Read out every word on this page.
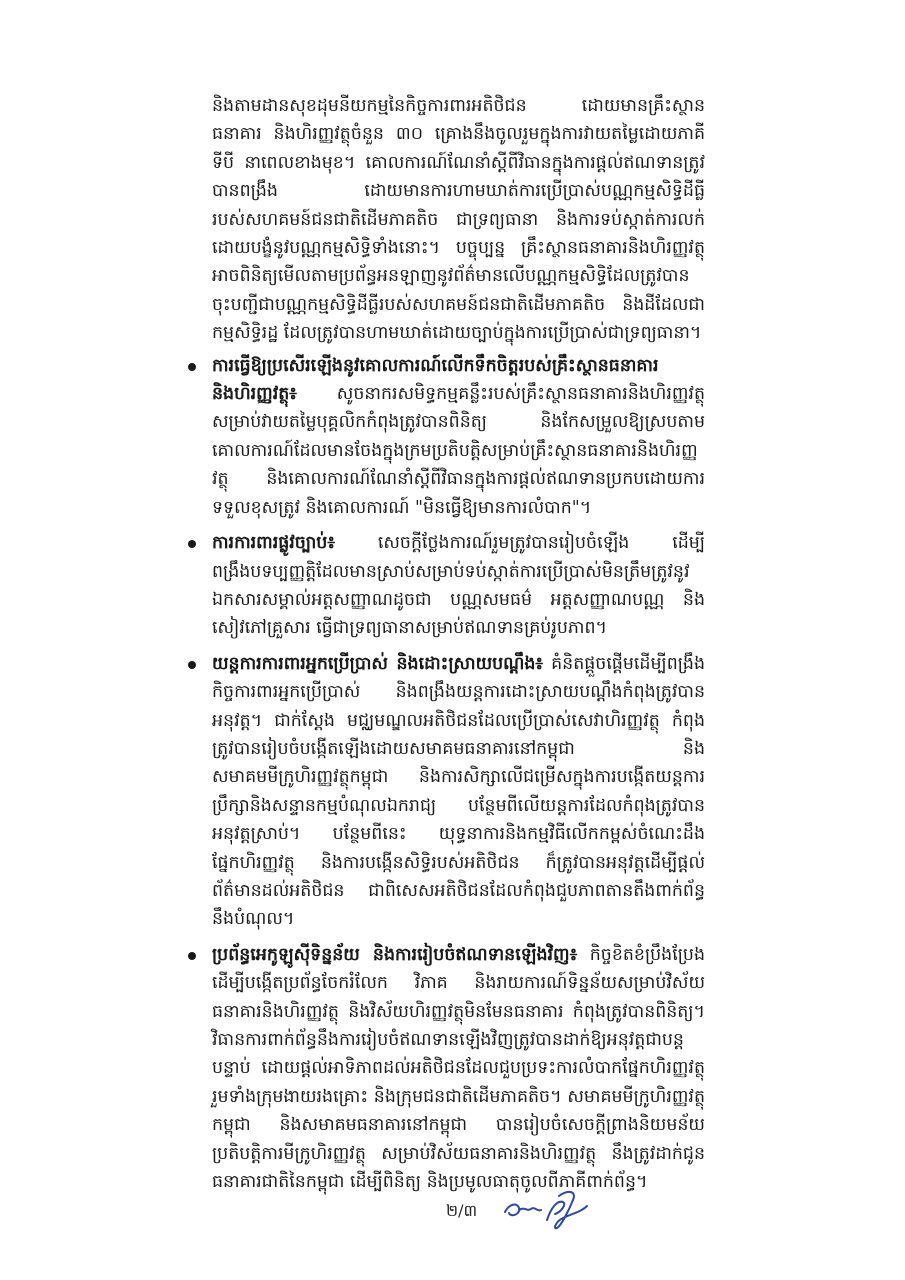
និងតាមដានសុខដុមនីយកម្មនៃកិច្ចការពារអតិថិជន ដោយមានគ្រឹះស្ថានធនាគារ និងហិរញ្ញវត្ថុចំនួន ៣០ គ្រោងនឹងចូលរួមក្នុងការវាយតម្លៃដោយភាគីទីបី នាពេលខាងមុខ។ គោលការណ៍ណែនាំស្តីពីវិធានក្នុងការផ្តល់ឥណទានត្រូវបានពង្រឹង ដោយមានការហាមឃាត់ការប្រើប្រាស់បណ្ណកម្មសិទ្ធិដីធ្លីរបស់សហគមន៍ជនជាតិដើមភាគតិច ជាទ្រព្យធានា និងការទប់ស្កាត់ការលក់ដោយបង្ខំនូវបណ្ណកម្មសិទ្ធិទាំងនោះ។ បច្ចុប្បន្ន គ្រឹះស្ថានធនាគារនិងហិរញ្ញវត្ថុអាចពិនិត្យមើលតាមប្រព័ន្ធអនឡាញនូវព័ត៌មានលើបណ្ណកម្មសិទ្ធិដែលត្រូវបានចុះបញ្ជីជាបណ្ណកម្មសិទ្ធិដីធ្លីរបស់សហគមន៍ជនជាតិដើមភាគតិច និងដីដែលជាកម្មសិទ្ធិរដ្ឋ ដែលត្រូវបានហាមឃាត់ដោយច្បាប់ក្នុងការប្រើប្រាស់ជាទ្រព្យធានា។

ការធ្វើឱ្យប្រសើរឡើងនូវគោលការណ៍លើកទឹកចិត្តរបស់គ្រឹះស្ថានធនាគារនិងហិរញ្ញវត្ថុ៖ សូចនាករសមិទ្ធកម្មគន្លឹះរបស់គ្រឹះស្ថានធនាគារនិងហិរញ្ញវត្ថុសម្រាប់វាយតម្លៃបុគ្គលិកកំពុងត្រូវបានពិនិត្យ និងកែសម្រួលឱ្យស្របតាមគោលការណ៍ដែលមានចែងក្នុងក្រមប្រតិបត្តិសម្រាប់គ្រឹះស្ថានធនាគារនិងហិរញ្ញវត្ថុ និងគោលការណ៍ណែនាំស្តីពីវិធានក្នុងការផ្តល់ឥណទានប្រកបដោយការទទួលខុសត្រូវ និងគោលការណ៍ "មិនធ្វើឱ្យមានការលំបាក"។

ការការពារផ្លូវច្បាប់៖ សេចក្តីថ្លែងការណ៍រួមត្រូវបានរៀបចំឡើង ដើម្បីពង្រឹងបទប្បញ្ញត្តិដែលមានស្រាប់សម្រាប់ទប់ស្កាត់ការប្រើប្រាស់មិនត្រឹមត្រូវនូវឯកសារសម្គាល់អត្តសញ្ញាណដូចជា បណ្ណសមធម៌ អត្តសញ្ញាណបណ្ណ និងសៀវភៅគ្រួសារ ធ្វើជាទ្រព្យធានាសម្រាប់ឥណទានគ្រប់រូបភាព។

យន្តការការពារអ្នកប្រើប្រាស់ និងដោះស្រាយបណ្តឹង៖ គំនិតផ្តួចផ្តើមដើម្បីពង្រឹងកិច្ចការពារអ្នកប្រើប្រាស់ និងពង្រឹងយន្តការដោះស្រាយបណ្តឹងកំពុងត្រូវបានអនុវត្ត។ ជាក់ស្តែង មជ្ឈមណ្ឌលអតិថិជនដែលប្រើប្រាស់សេវាហិរញ្ញវត្ថុ កំពុងត្រូវបានរៀបចំបង្កើតឡើងដោយសមាគមធនាគារនៅកម្ពុជា និង សមាគមមីក្រូហិរញ្ញវត្ថុកម្ពុជា និងការសិក្សាលើជម្រើសក្នុងការបង្កើតយន្តការប្រឹក្សានិងសន្ទានកម្មបំណុលឯករាជ្យ បន្ថែមពីលើយន្តការដែលកំពុងត្រូវបានអនុវត្តស្រាប់។ បន្ថែមពីនេះ យុទ្ធនាការនិងកម្មវិធីលើកកម្ពស់ចំណេះដឹងផ្នែកហិរញ្ញវត្ថុ និងការបង្កើនសិទ្ធិរបស់អតិថិជន ក៏ត្រូវបានអនុវត្តដើម្បីផ្តល់ព័ត៌មានដល់អតិថិជន ជាពិសេសអតិថិជនដែលកំពុងជួបភាពតានតឹងពាក់ព័ន្ធនឹងបំណុល។

ប្រព័ន្ធអេកូឡូស៊ីទិន្នន័យ និងការរៀបចំឥណទានឡើងវិញ៖ កិច្ចខិតខំប្រឹងប្រែងដើម្បីបង្កើតប្រព័ន្ធចែករំលែក វិភាគ និងរាយការណ៍ទិន្នន័យសម្រាប់វិស័យធនាគារនិងហិរញ្ញវត្ថុ និងវិស័យហិរញ្ញវត្ថុមិនមែនធនាគារ កំពុងត្រូវបានពិនិត្យ។ វិធានការពាក់ព័ន្ធនឹងការរៀបចំឥណទានឡើងវិញត្រូវបានដាក់ឱ្យអនុវត្តជាបន្តបន្ទាប់ ដោយផ្តល់អាទិភាពដល់អតិថិជនដែលជួបប្រទះការលំបាកផ្នែកហិរញ្ញវត្ថុ រួមទាំងក្រុមងាយរងគ្រោះ និងក្រុមជនជាតិដើមភាគតិច។ សមាគមមីក្រូហិរញ្ញវត្ថុកម្ពុជា និងសមាគមធនាគារនៅកម្ពុជា បានរៀបចំសេចក្តីព្រាងនិយមន័យប្រតិបត្តិការមីក្រូហិរញ្ញវត្ថុ សម្រាប់វិស័យធនាគារនិងហិរញ្ញវត្ថុ នឹងត្រូវដាក់ជូន ធនាគារជាតិនៃកម្ពុជា ដើម្បីពិនិត្យ និងប្រមូលធាតុចូលពីភាគីពាក់ព័ន្ធ។

២/៣
